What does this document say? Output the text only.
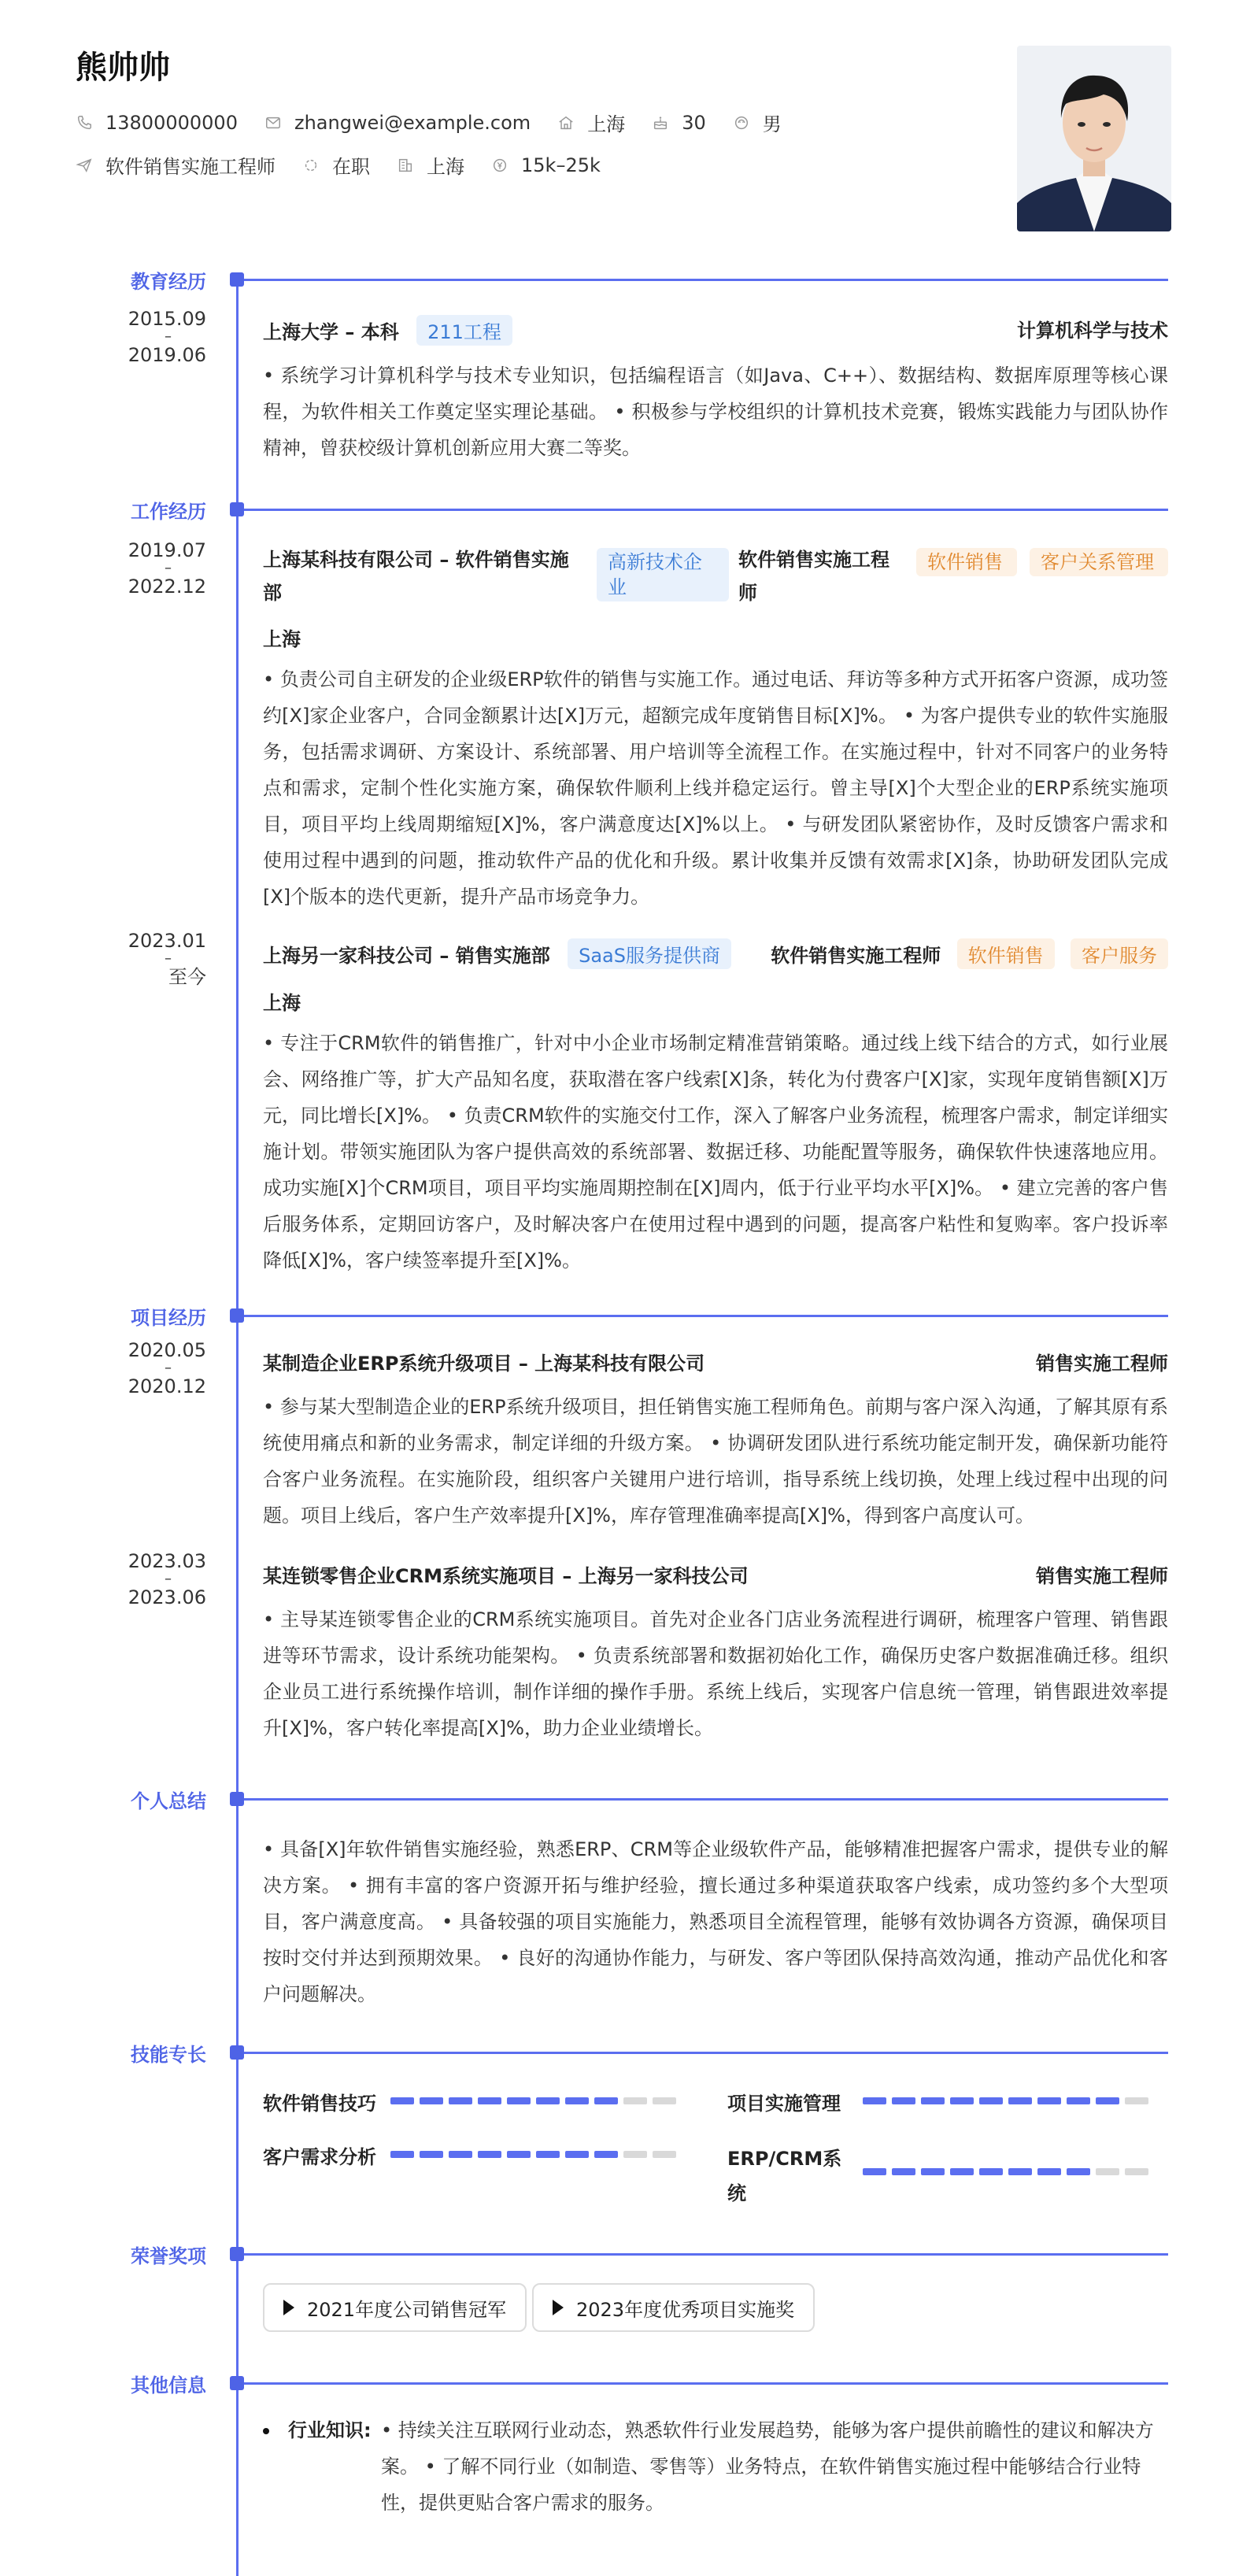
熊帅帅
13800000000	zhangwei@example.com	上海	30	男
软件销售实施工程师	在职	上海	15k–25k
教育经历
2015.09
–
2019.06
上海大学 – 本科 211工程	计算机科学与技术
• 系统学习计算机科学与技术专业知识，包括编程语言（如Java、C++）、数据结构、数据库原理等核心课程，为软件相关工作奠定坚实理论基础。 • 积极参与学校组织的计算机技术竞赛，锻炼实践能力与团队协作精神，曾获校级计算机创新应用大赛二等奖。
工作经历
2019.07
–
2022.12
上海某科技有限公司 – 软件销售实施部
高新技术企业
软件销售实施工程师
软件销售	客户关系管理
上海
• 负责公司自主研发的企业级ERP软件的销售与实施工作。通过电话、拜访等多种方式开拓客户资源，成功签约[X]家企业客户，合同金额累计达[X]万元，超额完成年度销售目标[X]%。 • 为客户提供专业的软件实施服务，包括需求调研、方案设计、系统部署、用户培训等全流程工作。在实施过程中，针对不同客户的业务特点和需求，定制个性化实施方案，确保软件顺利上线并稳定运行。曾主导[X]个大型企业的ERP系统实施项目，项目平均上线周期缩短[X]%，客户满意度达[X]%以上。 • 与研发团队紧密协作，及时反馈客户需求和使用过程中遇到的问题，推动软件产品的优化和升级。累计收集并反馈有效需求[X]条，协助研发团队完成[X]个版本的迭代更新，提升产品市场竞争力。
2023.01
–
至今
上海另一家科技公司 – 销售实施部 SaaS服务提供商	软件销售实施工程师 软件销售 客户服务
上海
• 专注于CRM软件的销售推广，针对中小企业市场制定精准营销策略。通过线上线下结合的方式，如行业展会、网络推广等，扩大产品知名度，获取潜在客户线索[X]条，转化为付费客户[X]家，实现年度销售额[X]万元，同比增长[X]%。 • 负责CRM软件的实施交付工作，深入了解客户业务流程，梳理客户需求，制定详细实施计划。带领实施团队为客户提供高效的系统部署、数据迁移、功能配置等服务，确保软件快速落地应用。成功实施[X]个CRM项目，项目平均实施周期控制在[X]周内，低于行业平均水平[X]%。 • 建立完善的客户售后服务体系，定期回访客户，及时解决客户在使用过程中遇到的问题，提高客户粘性和复购率。客户投诉率降低[X]%，客户续签率提升至[X]%。
项目经历
2020.05
–
2020.12
某制造企业ERP系统升级项目 – 上海某科技有限公司	销售实施工程师
• 参与某大型制造企业的ERP系统升级项目，担任销售实施工程师角色。前期与客户深入沟通，了解其原有系统使用痛点和新的业务需求，制定详细的升级方案。 • 协调研发团队进行系统功能定制开发，确保新功能符合客户业务流程。在实施阶段，组织客户关键用户进行培训，指导系统上线切换，处理上线过程中出现的问题。项目上线后，客户生产效率提升[X]%，库存管理准确率提高[X]%，得到客户高度认可。
2023.03
–
2023.06
某连锁零售企业CRM系统实施项目 – 上海另一家科技公司	销售实施工程师
• 主导某连锁零售企业的CRM系统实施项目。首先对企业各门店业务流程进行调研，梳理客户管理、销售跟进等环节需求，设计系统功能架构。 • 负责系统部署和数据初始化工作，确保历史客户数据准确迁移。组织企业员工进行系统操作培训，制作详细的操作手册。系统上线后，实现客户信息统一管理，销售跟进效率提升[X]%，客户转化率提高[X]%，助力企业业绩增长。
个人总结
• 具备[X]年软件销售实施经验，熟悉ERP、CRM等企业级软件产品，能够精准把握客户需求，提供专业的解决方案。 • 拥有丰富的客户资源开拓与维护经验，擅长通过多种渠道获取客户线索，成功签约多个大型项目，客户满意度高。 • 具备较强的项目实施能力，熟悉项目全流程管理，能够有效协调各方资源，确保项目按时交付并达到预期效果。 • 良好的沟通协作能力，与研发、客户等团队保持高效沟通，推动产品优化和客户问题解决。
技能专长
软件销售技巧	项目实施管理
客户需求分析	ERP/CRM系统
荣誉奖项
2021年度公司销售冠军	2023年度优秀项目实施奖
其他信息
行业知识: • 持续关注互联网行业动态，熟悉软件行业发展趋势，能够为客户提供前瞻性的建议和解决方案。 • 了解不同行业（如制造、零售等）业务特点，在软件销售实施过程中能够结合行业特性，提供更贴合客户需求的服务。
